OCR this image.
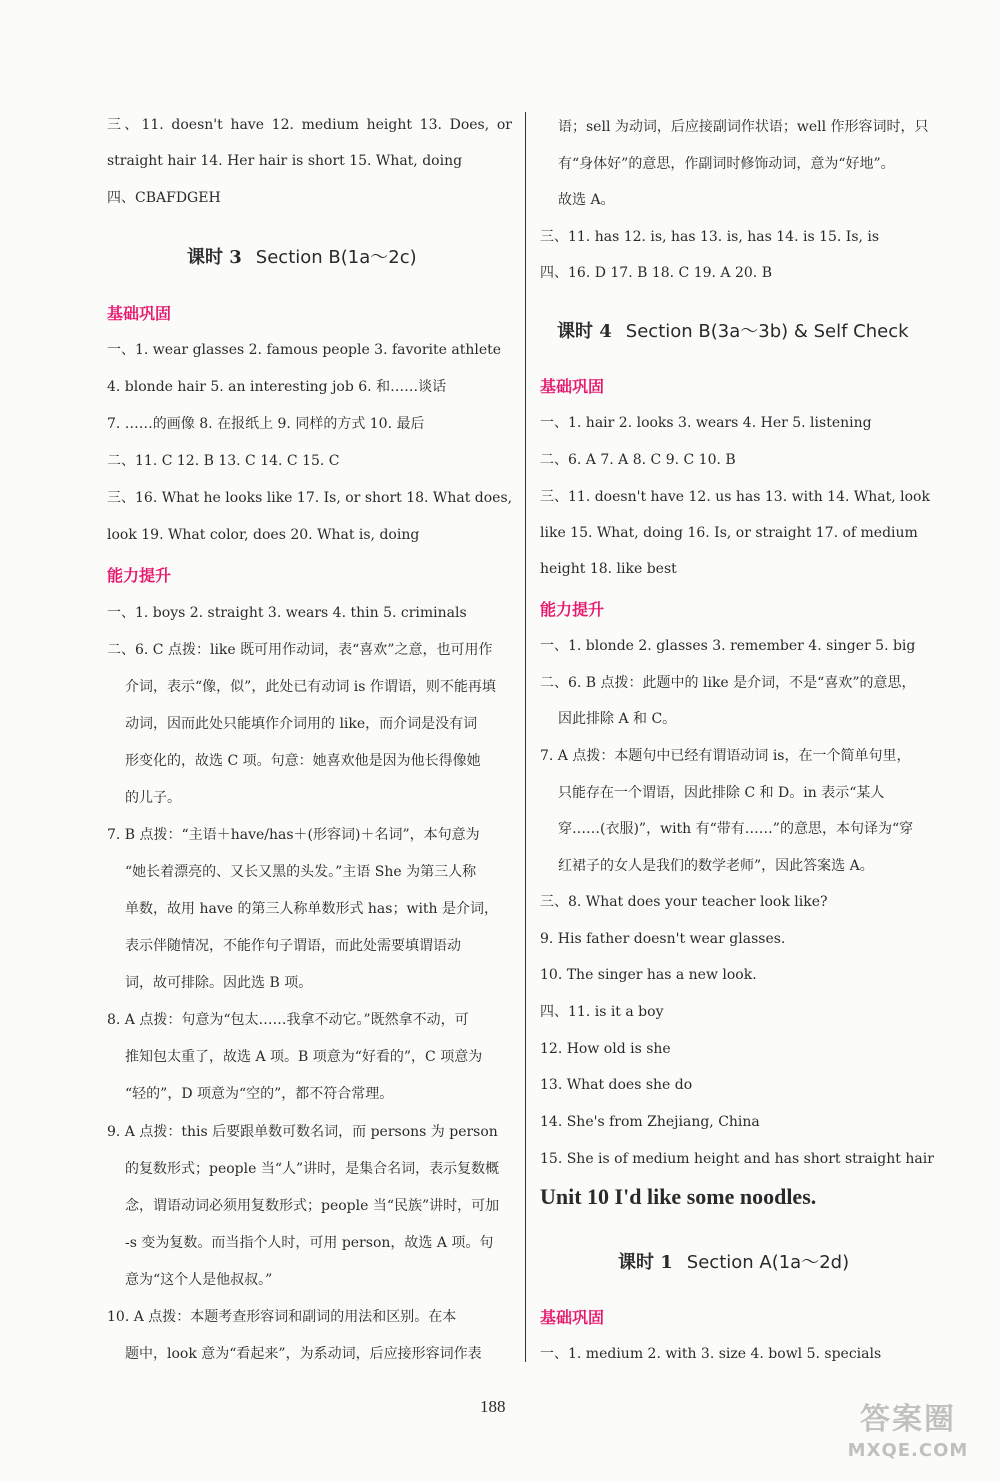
三、11. doesn't have 12. medium height 13. Does, or
straight hair 14. Her hair is short 15. What, doing
四、CBAFDGEH
课时 3 Section B(1a～2c)
基础巩固
一、1. wear glasses 2. famous people 3. favorite athlete
4. blonde hair 5. an interesting job 6. 和……谈话
7. ……的画像 8. 在报纸上 9. 同样的方式 10. 最后
二、11. C 12. B 13. C 14. C 15. C
三、16. What he looks like 17. Is, or short 18. What does,
look 19. What color, does 20. What is, doing
能力提升
一、1. boys 2. straight 3. wears 4. thin 5. criminals
二、6. C 点拨：like 既可用作动词，表“喜欢”之意，也可用作
介词，表示“像，似”，此处已有动词 is 作谓语，则不能再填
动词，因而此处只能填作介词用的 like，而介词是没有词
形变化的，故选 C 项。句意：她喜欢他是因为他长得像她
的儿子。
7. B 点拨：“主语＋have/has＋(形容词)＋名词”，本句意为
“她长着漂亮的、又长又黑的头发。”主语 She 为第三人称
单数，故用 have 的第三人称单数形式 has；with 是介词，
表示伴随情况，不能作句子谓语，而此处需要填谓语动
词，故可排除。因此选 B 项。
8. A 点拨：句意为“包太……我拿不动它。”既然拿不动，可
推知包太重了，故选 A 项。B 项意为“好看的”，C 项意为
“轻的”，D 项意为“空的”，都不符合常理。
9. A 点拨：this 后要跟单数可数名词，而 persons 为 person
的复数形式；people 当“人”讲时，是集合名词，表示复数概
念，谓语动词必须用复数形式；people 当“民族”讲时，可加
-s 变为复数。而当指个人时，可用 person，故选 A 项。句
意为“这个人是他叔叔。”
10. A 点拨：本题考查形容词和副词的用法和区别。在本
题中，look 意为“看起来”，为系动词，后应接形容词作表
语；sell 为动词，后应接副词作状语；well 作形容词时，只
有“身体好”的意思，作副词时修饰动词，意为“好地”。
故选 A。
三、11. has 12. is, has 13. is, has 14. is 15. Is, is
四、16. D 17. B 18. C 19. A 20. B
课时 4 Section B(3a～3b) & Self Check
基础巩固
一、1. hair 2. looks 3. wears 4. Her 5. listening
二、6. A 7. A 8. C 9. C 10. B
三、11. doesn't have 12. us has 13. with 14. What, look
like 15. What, doing 16. Is, or straight 17. of medium
height 18. like best
能力提升
一、1. blonde 2. glasses 3. remember 4. singer 5. big
二、6. B 点拨：此题中的 like 是介词，不是“喜欢”的意思，
因此排除 A 和 C。
7. A 点拨：本题句中已经有谓语动词 is，在一个简单句里，
只能存在一个谓语，因此排除 C 和 D。in 表示“某人
穿……(衣服)”，with 有“带有……”的意思，本句译为“穿
红裙子的女人是我们的数学老师”，因此答案选 A。
三、8. What does your teacher look like?
9. His father doesn't wear glasses.
10. The singer has a new look.
四、11. is it a boy
12. How old is she
13. What does she do
14. She's from Zhejiang, China
15. She is of medium height and has short straight hair
Unit 10 I'd like some noodles.
课时 1 Section A(1a～2d)
基础巩固
一、1. medium 2. with 3. size 4. bowl 5. specials
188	答案圈
MXQE.COM
